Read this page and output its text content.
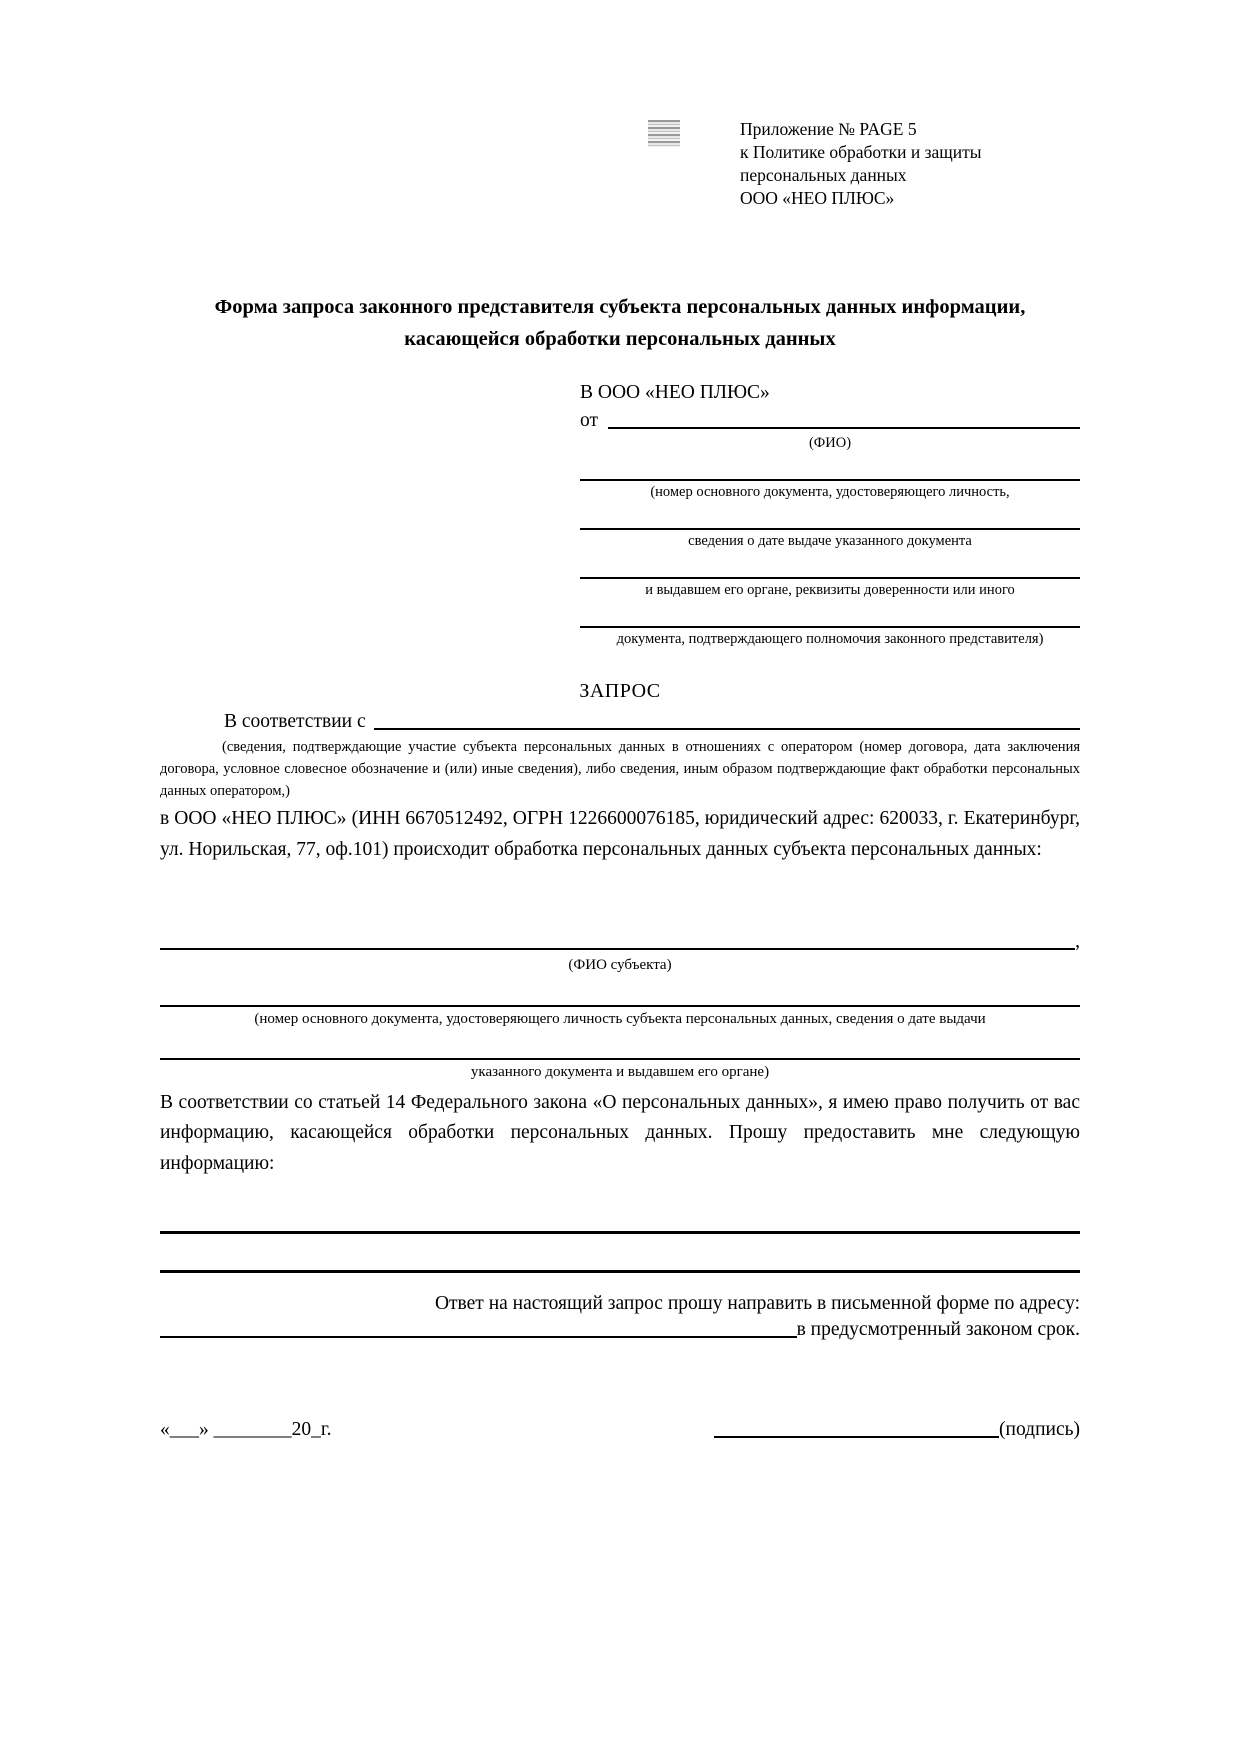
Приложение № PAGE 5
к Политике обработки и защиты
персональных данных
ООО «НЕО ПЛЮС»
Форма запроса законного представителя субъекта персональных данных информации, касающейся обработки персональных данных
В ООО «НЕО ПЛЮС»
от
(ФИО)
(номер основного документа, удостоверяющего личность,
сведения о дате выдаче указанного документа
и выдавшем его органе, реквизиты доверенности или иного
документа, подтверждающего полномочия законного представителя)
ЗАПРОС
В соответствии с
(сведения, подтверждающие участие субъекта персональных данных в отношениях с оператором (номер договора, дата заключения договора, условное словесное обозначение и (или) иные сведения), либо сведения, иным образом подтверждающие факт обработки персональных данных оператором,)
в ООО «НЕО ПЛЮС» (ИНН 6670512492, ОГРН 1226600076185, юридический адрес: 620033, г. Екатеринбург, ул. Норильская, 77, оф.101) происходит обработка персональных данных субъекта персональных данных:
,
(ФИО субъекта)
(номер основного документа, удостоверяющего личность субъекта персональных данных, сведения о дате выдачи
указанного документа и выдавшем его органе)
В соответствии со статьей 14 Федерального закона «О персональных данных», я имею право получить от вас информацию, касающейся обработки персональных данных. Прошу предоставить мне следующую информацию:
Ответ на настоящий запрос прошу направить в письменной форме по адресу:
в предусмотренный законом срок.
«___» ________20_г.	(подпись)
